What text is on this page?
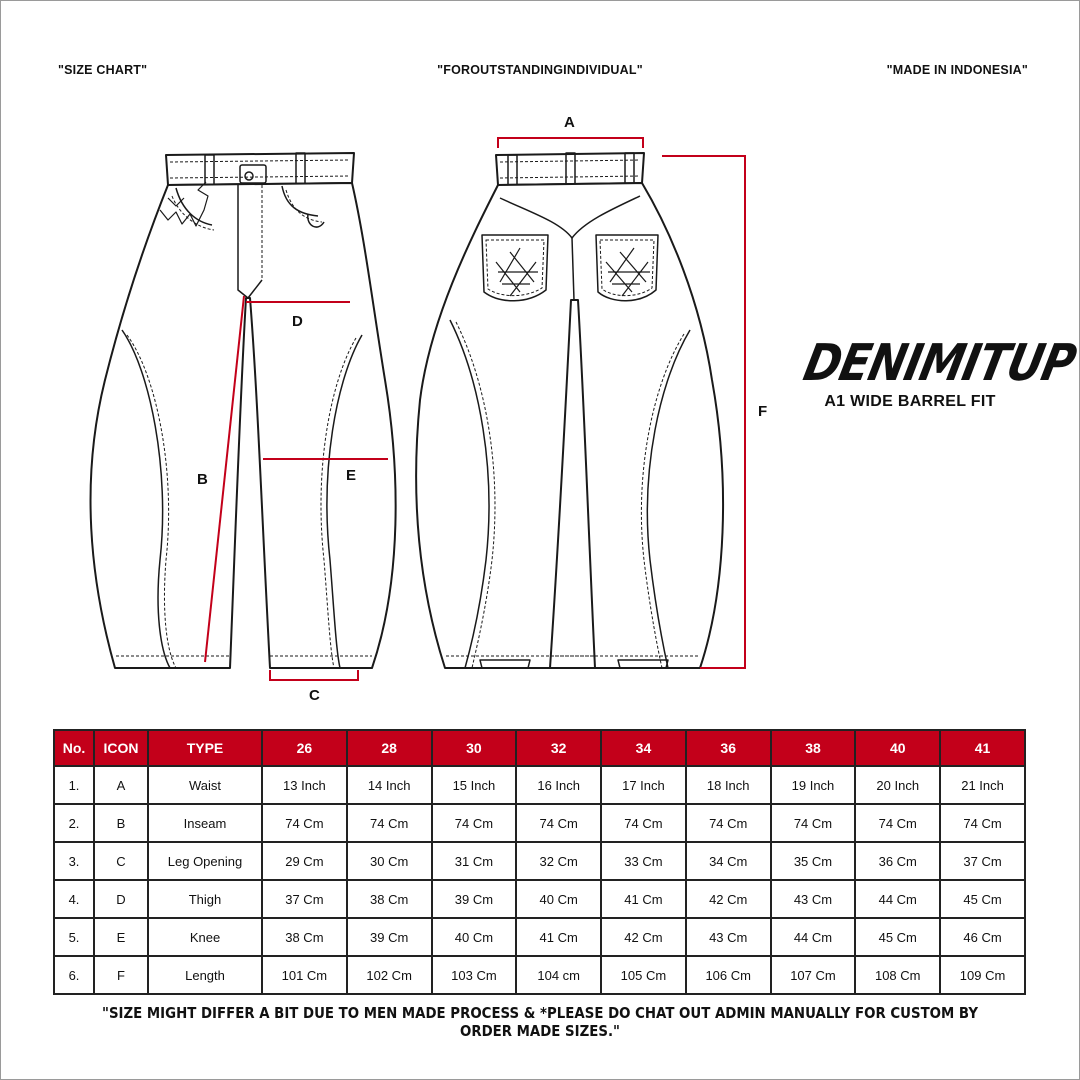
"SIZE CHART"	"FOROUTSTANDINGINDIVIDUAL"	"MADE IN INDONESIA"
A
D
B	E
F
C
DENIMITUP
A1 WIDE BARREL FIT
No.	ICON	TYPE	26	28	30	32	34	36	38	40	41
1.	A	Waist	13 Inch	14 Inch	15 Inch	16 Inch	17 Inch	18 Inch	19 Inch	20 Inch	21 Inch
2.	B	Inseam	74 Cm	74 Cm	74 Cm	74 Cm	74 Cm	74 Cm	74 Cm	74 Cm	74 Cm
3.	C	Leg Opening	29 Cm	30 Cm	31 Cm	32 Cm	33 Cm	34 Cm	35 Cm	36 Cm	37 Cm
4.	D	Thigh	37 Cm	38 Cm	39 Cm	40 Cm	41 Cm	42 Cm	43 Cm	44 Cm	45 Cm
5.	E	Knee	38 Cm	39 Cm	40 Cm	41 Cm	42 Cm	43 Cm	44 Cm	45 Cm	46 Cm
6.	F	Length	101 Cm	102 Cm	103 Cm	104 cm	105 Cm	106 Cm	107 Cm	108 Cm	109 Cm
"SIZE MIGHT DIFFER A BIT DUE TO MEN MADE PROCESS & *PLEASE DO CHAT OUT ADMIN MANUALLY FOR CUSTOM BY ORDER MADE SIZES."
